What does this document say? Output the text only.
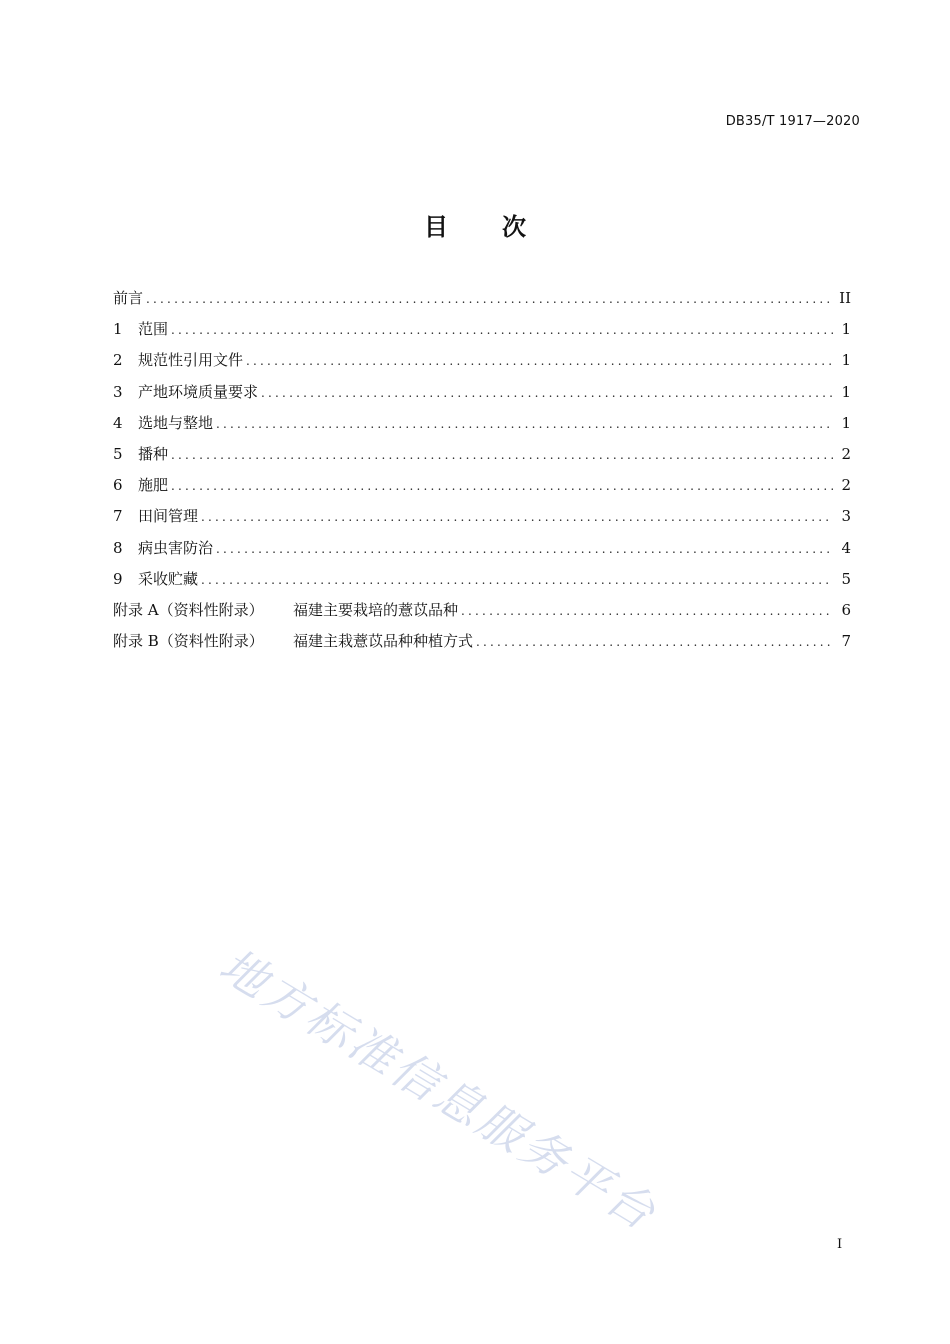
DB35/T 1917—2020
目 次
前言 .....	II
1	范围 .....	1
2	规范性引用文件 .....	1
3	产地环境质量要求 .....	1
4	选地与整地 .....	1
5	播种 .....	2
6	施肥 .....	2
7	田间管理 .....	3
8	病虫害防治 .....	4
9	采收贮藏 .....	5
附录 A（资料性附录）	福建主要栽培的薏苡品种 .....	6
附录 B（资料性附录）	福建主栽薏苡品种种植方式 .....	7
地方标准信息服务平台
I
